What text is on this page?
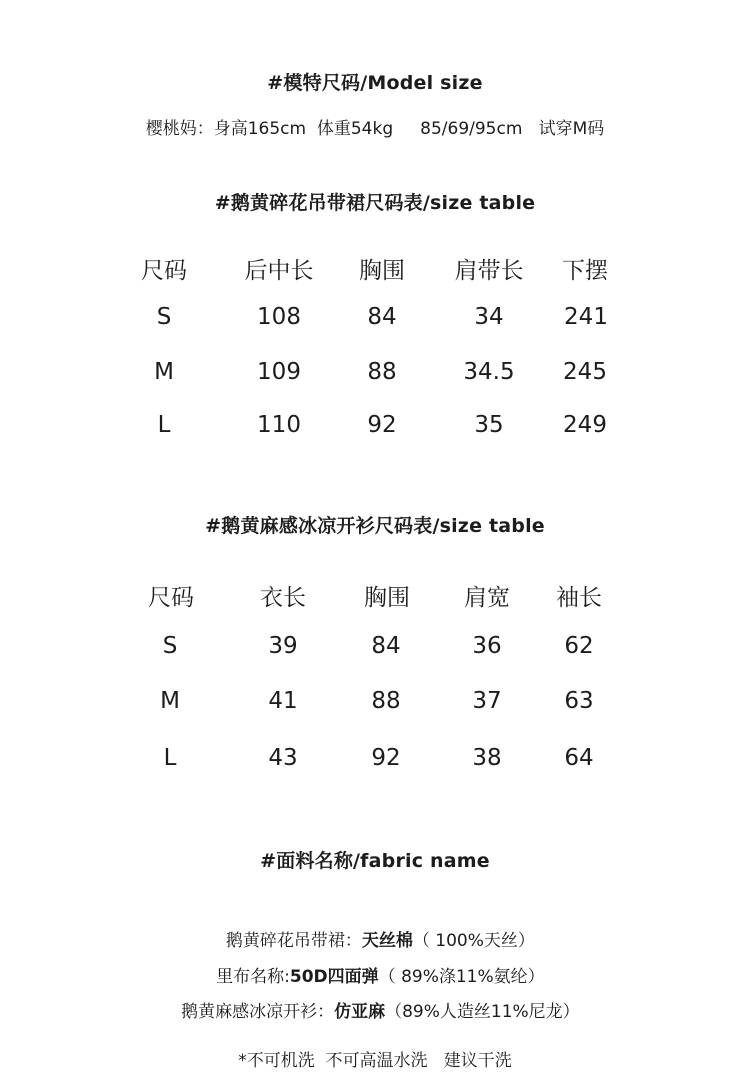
#模特尺码/Model size
樱桃妈：身高165cm  体重54kg     85/69/95cm   试穿M码
#鹅黄碎花吊带裙尺码表/size table
尺码	后中长 胸围 肩带长 下摆
S	108	84	34	241
M	109	88	34.5 245
L	110	92	35	249
#鹅黄麻感冰凉开衫尺码表/size table
尺码	衣长	胸围 肩宽 袖长
S	39	84	36	62
M	41	88	37	63
L	43	92	38	64
#面料名称/fabric name

鹅黄碎花吊带裙：天丝棉（ 100%天丝）

里布名称:50D四面弹（ 89%涤11%氨纶）

鹅黄麻感冰凉开衫：仿亚麻（89%人造丝11%尼龙）

*不可机洗  不可高温水洗   建议干洗
